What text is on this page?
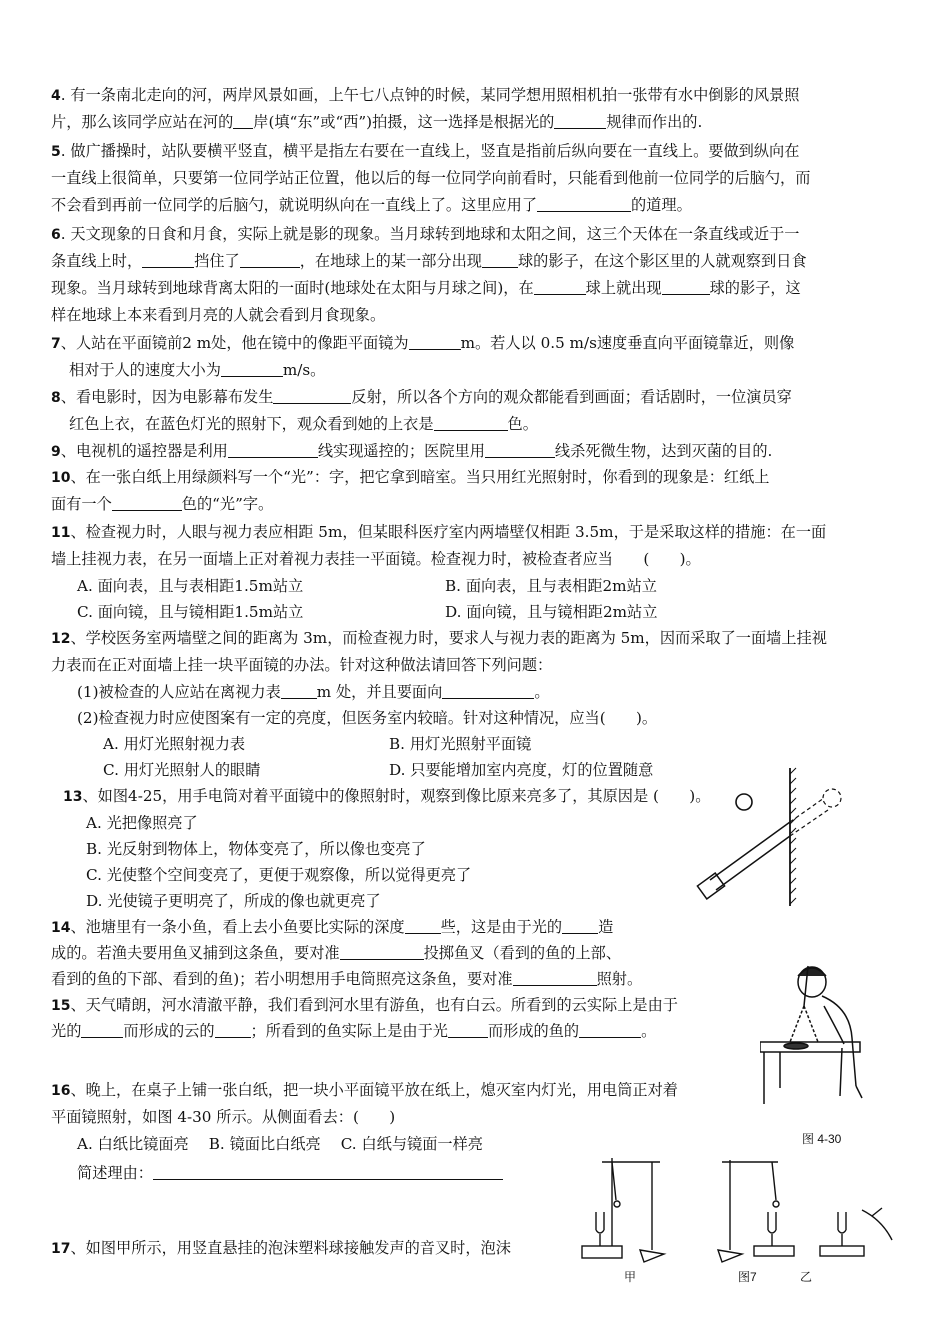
4. 有一条南北走向的河，两岸风景如画，上午七八点钟的时候，某同学想用照相机拍一张带有水中倒影的风景照
片，那么该同学应站在河的 岸(填“东”或“西”)拍摄，这一选择是根据光的	规律而作出的.
5. 做广播操时，站队要横平竖直，横平是指左右要在一直线上，竖直是指前后纵向要在一直线上。要做到纵向在
一直线上很简单，只要第一位同学站正位置，他以后的每一位同学向前看时，只能看到他前一位同学的后脑勺，而
不会看到再前一位同学的后脑勺，就说明纵向在一直线上了。这里应用了	的道理。
6. 天文现象的日食和月食，实际上就是影的现象。当月球转到地球和太阳之间，这三个天体在一条直线或近于一
条直线上时，	挡住了	，在地球上的某一部分出现 球的影子，在这个影区里的人就观察到日食
现象。当月球转到地球背离太阳的一面时(地球处在太阳与月球之间)，在	球上就出现	球的影子，这
样在地球上本来看到月亮的人就会看到月食现象。
7、人站在平面镜前2 m处，他在镜中的像距平面镜为	m。若人以 0.5 m/s速度垂直向平面镜靠近，则像
相对于人的速度大小为	m/s。
8、看电影时，因为电影幕布发生	反射，所以各个方向的观众都能看到画面；看话剧时，一位演员穿
红色上衣，在蓝色灯光的照射下，观众看到她的上衣是	色。
9、电视机的遥控器是利用	线实现遥控的；医院里用	线杀死微生物，达到灭菌的目的.
10、在一张白纸上用绿颜料写一个“光”：字，把它拿到暗室。当只用红光照射时，你看到的现象是：红纸上
面有一个	色的“光”字。
11、检查视力时，人眼与视力表应相距 5m，但某眼科医疗室内两墙壁仅相距 3.5m，于是采取这样的措施：在一面
墙上挂视力表，在另一面墙上正对着视力表挂一平面镜。检查视力时，被检查者应当　　(　　)。
A. 面向表，且与表相距1.5m站立	B. 面向表，且与表相距2m站立
C. 面向镜，且与镜相距1.5m站立	D. 面向镜，且与镜相距2m站立
12、学校医务室两墙壁之间的距离为 3m，而检查视力时，要求人与视力表的距离为 5m，因而采取了一面墙上挂视
力表而在正对面墙上挂一块平面镜的办法。针对这种做法请回答下列问题：
(1)被检查的人应站在离视力表 m 处，并且要面向	。
(2)检查视力时应使图案有一定的亮度，但医务室内较暗。针对这种情况，应当(　　)。
A. 用灯光照射视力表	B. 用灯光照射平面镜
C. 用灯光照射人的眼睛	D. 只要能增加室内亮度，灯的位置随意
13、如图4-25，用手电筒对着平面镜中的像照射时，观察到像比原来亮多了，其原因是 (　　)。
A. 光把像照亮了
B. 光反射到物体上，物体变亮了，所以像也变亮了
C. 光使整个空间变亮了，更便于观察像，所以觉得更亮了
D. 光使镜子更明亮了，所成的像也就更亮了
14、池塘里有一条小鱼，看上去小鱼要比实际的深度 些，这是由于光的 造
成的。若渔夫要用鱼叉捕到这条鱼，要对准	投掷鱼叉（看到的鱼的上部、
看到的鱼的下部、看到的鱼)；若小明想用手电筒照亮这条鱼，要对准	照射。
15、天气晴朗，河水清澈平静，我们看到河水里有游鱼，也有白云。所看到的云实际上是由于
光的	而形成的云的 ；所看到的鱼实际上是由于光	而形成的鱼的	。
16、晚上，在桌子上铺一张白纸，把一块小平面镜平放在纸上，熄灭室内灯光，用电筒正对着
平面镜照射，如图 4-30 所示。从侧面看去：(　　)
A. 白纸比镜面亮　 B. 镜面比白纸亮　 C. 白纸与镜面一样亮
简述理由：
17、如图甲所示，用竖直悬挂的泡沫塑料球接触发声的音叉时，泡沫
图 4-30
甲	图7	乙
